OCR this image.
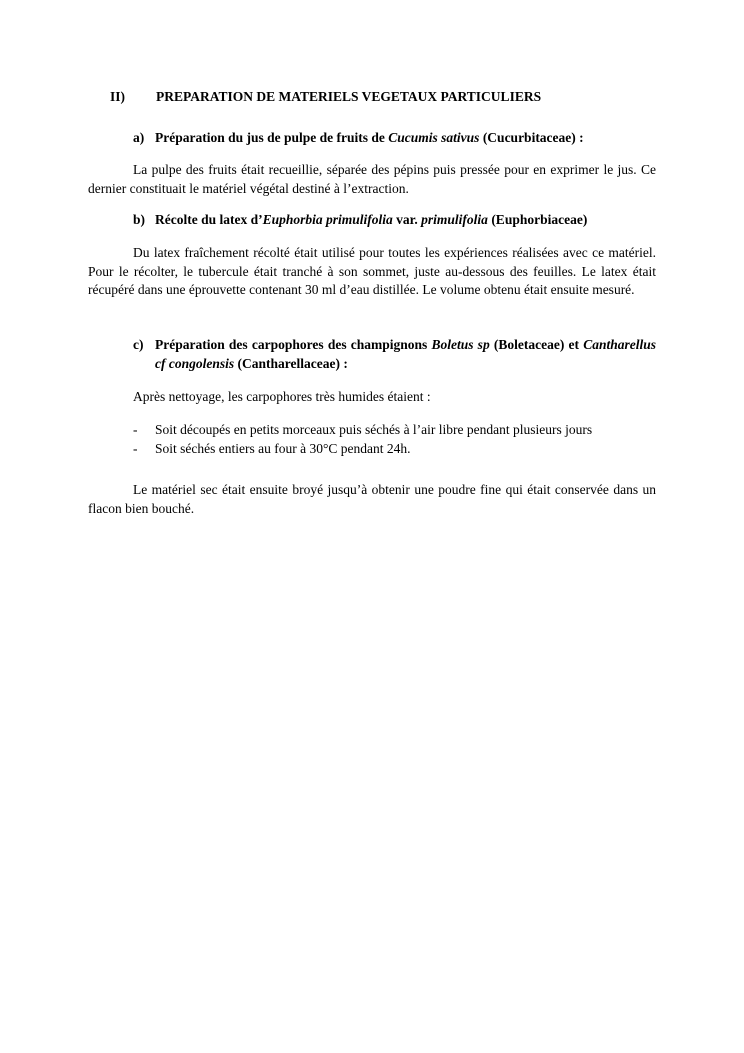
II) PREPARATION DE MATERIELS VEGETAUX PARTICULIERS
a) Préparation du jus de pulpe de fruits de Cucumis sativus (Cucurbitaceae) :

La pulpe des fruits était recueillie, séparée des pépins puis pressée pour en exprimer le jus. Ce dernier constituait le matériel végétal destiné à l’extraction.

b) Récolte du latex d’Euphorbia primulifolia var. primulifolia (Euphorbiaceae)

Du latex fraîchement récolté était utilisé pour toutes les expériences réalisées avec ce matériel. Pour le récolter, le tubercule était tranché à son sommet, juste au-dessous des feuilles. Le latex était récupéré dans une éprouvette contenant 30 ml d’eau distillée. Le volume obtenu était ensuite mesuré.

c) Préparation des carpophores des champignons Boletus sp (Boletaceae) et Cantharellus cf congolensis (Cantharellaceae) :
Après nettoyage, les carpophores très humides étaient :
- Soit découpés en petits morceaux puis séchés à l’air libre pendant plusieurs jours
- Soit séchés entiers au four à 30°C pendant 24h.

Le matériel sec était ensuite broyé jusqu’à obtenir une poudre fine qui était conservée dans un flacon bien bouché.
